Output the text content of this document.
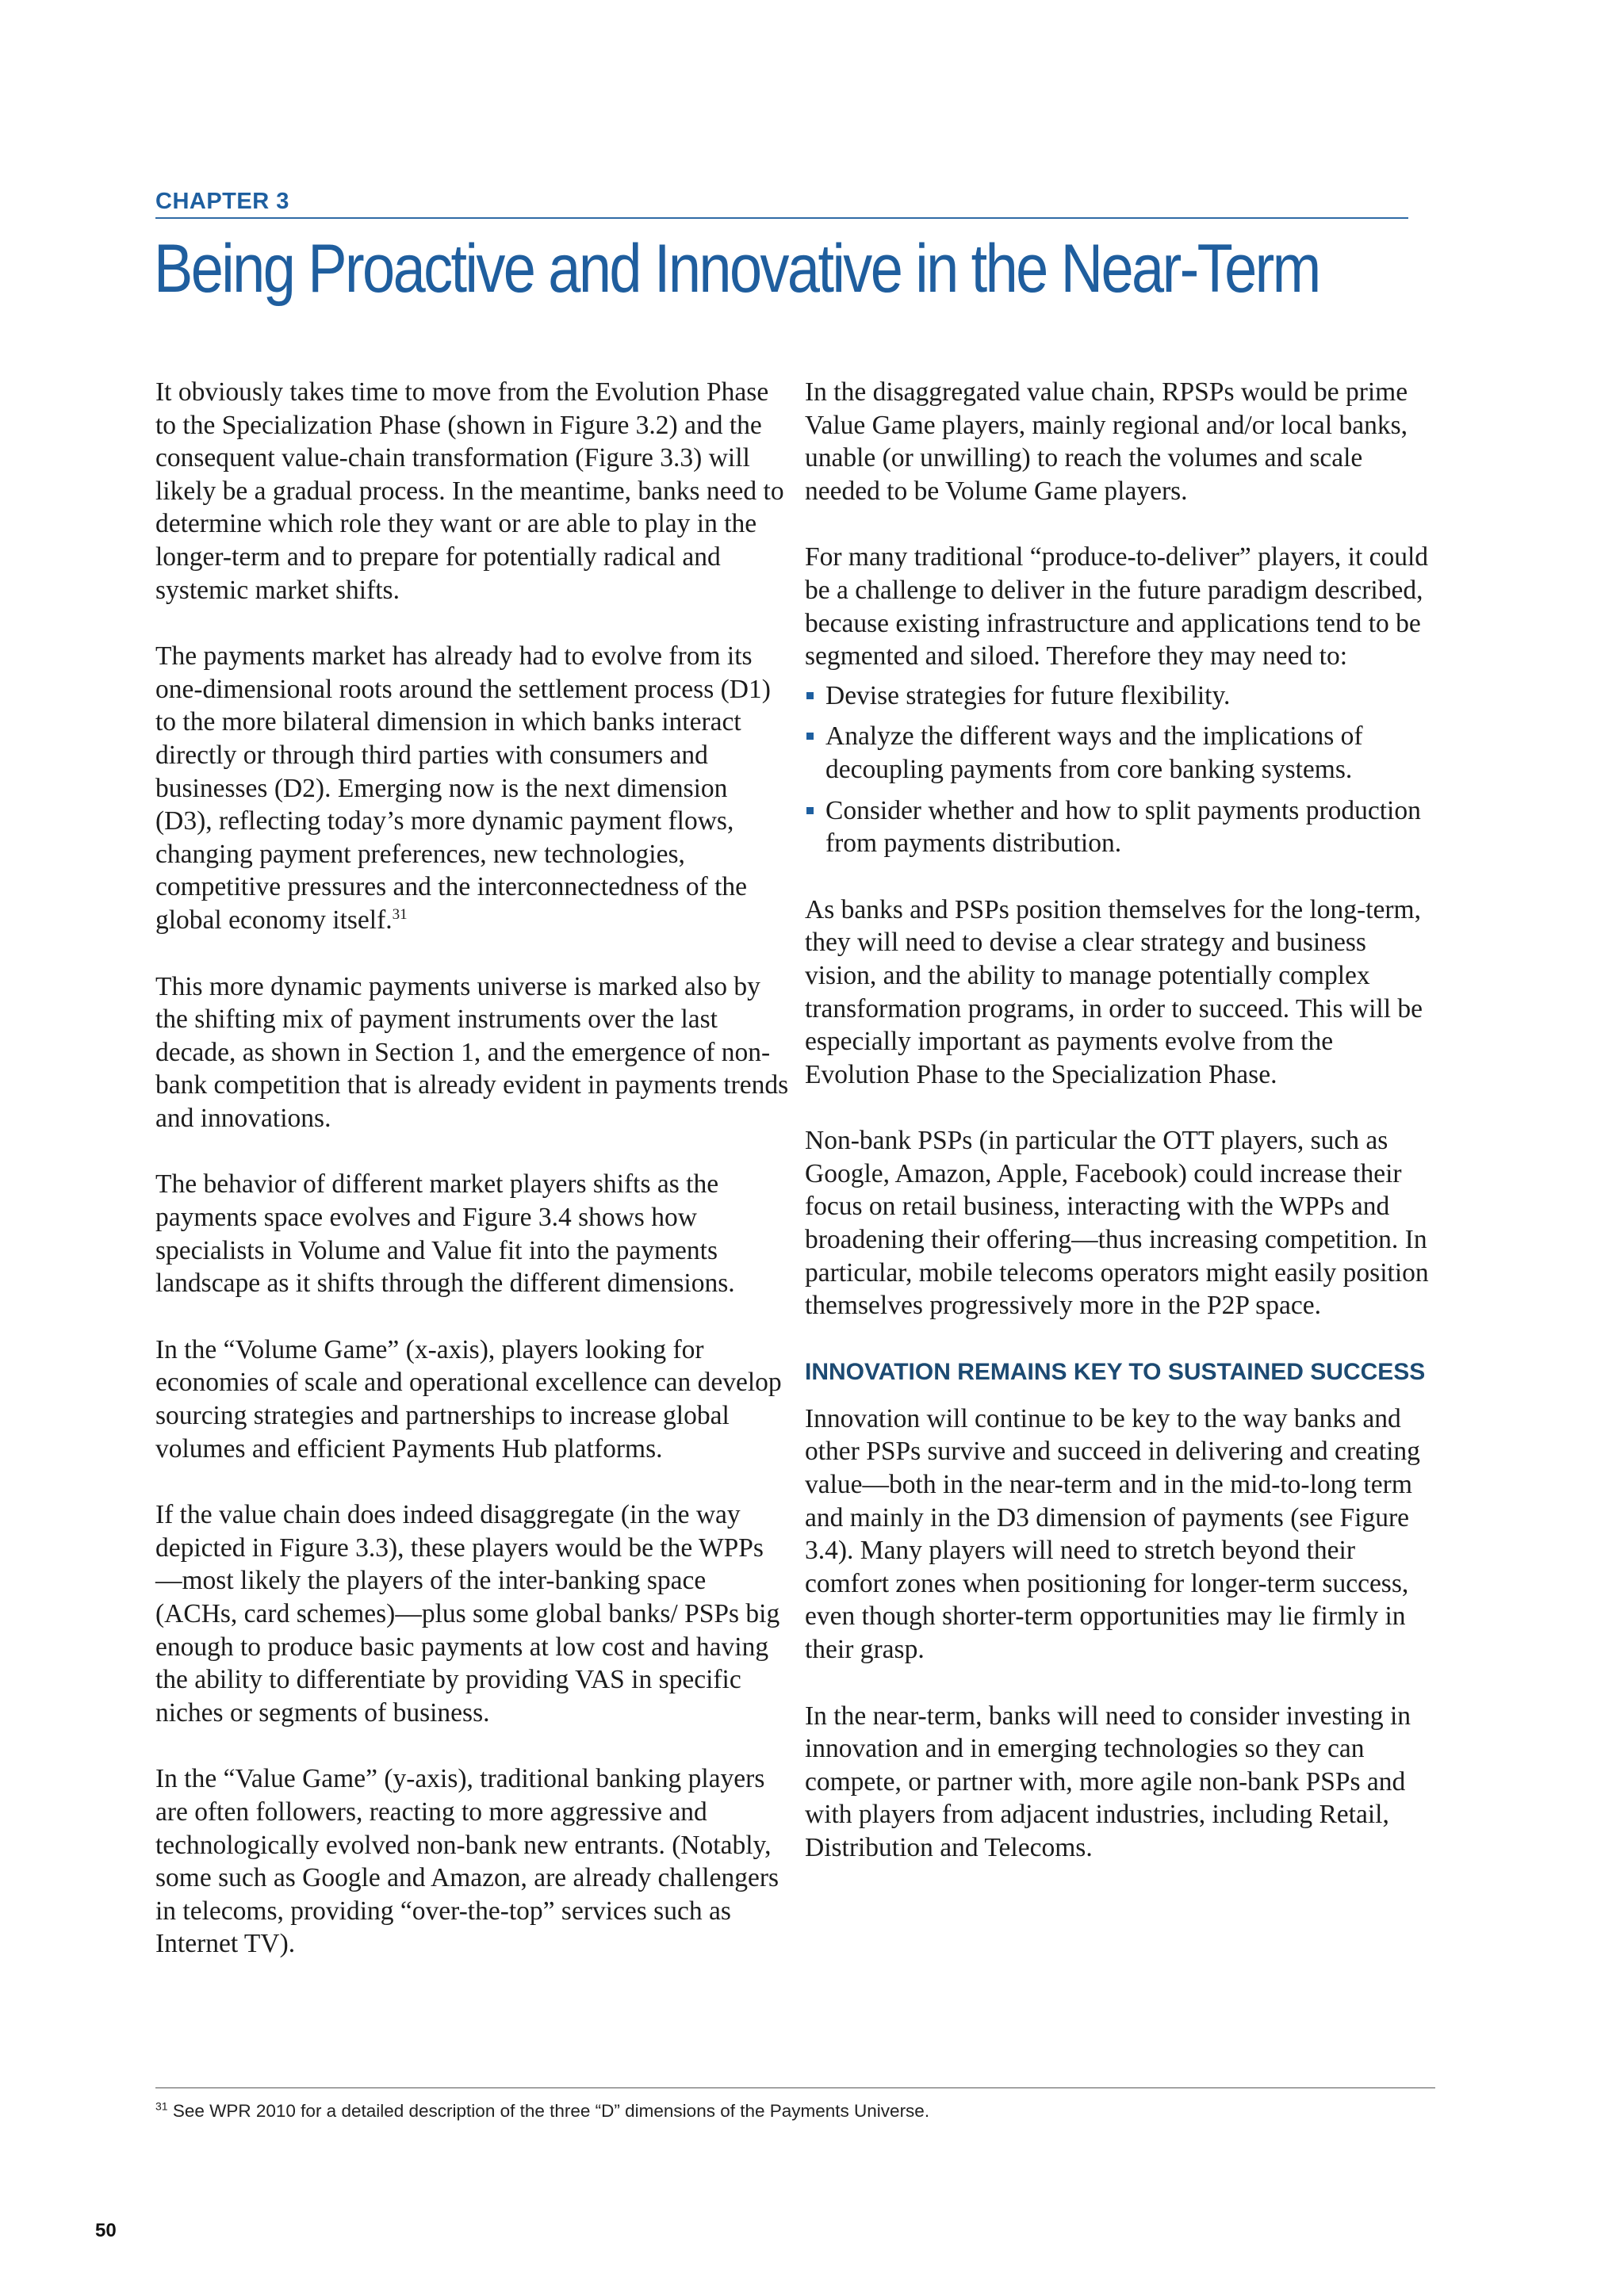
CHAPTER 3
Being Proactive and Innovative in the Near-Term

It obviously takes time to move from the Evolution Phase to the Specialization Phase (shown in Figure 3.2) and the consequent value-chain transformation (Figure 3.3) will likely be a gradual process. In the meantime, banks need to determine which role they want or are able to play in the longer-term and to prepare for potentially radical and systemic market shifts.

The payments market has already had to evolve from its one-dimensional roots around the settlement process (D1) to the more bilateral dimension in which banks interact directly or through third parties with consumers and businesses (D2). Emerging now is the next dimension (D3), reflecting today’s more dynamic payment flows, changing payment preferences, new technologies, competitive pressures and the interconnectedness of the global economy itself.$^{31}$

This more dynamic payments universe is marked also by the shifting mix of payment instruments over the last decade, as shown in Section 1, and the emergence of non-bank competition that is already evident in payments trends and innovations.

The behavior of different market players shifts as the payments space evolves and Figure 3.4 shows how specialists in Volume and Value fit into the payments landscape as it shifts through the different dimensions.

In the “Volume Game” (x-axis), players looking for economies of scale and operational excellence can develop sourcing strategies and partnerships to increase global volumes and efficient Payments Hub platforms.

If the value chain does indeed disaggregate (in the way depicted in Figure 3.3), these players would be the WPPs—most likely the players of the inter-banking space (ACHs, card schemes)—plus some global banks/ PSPs big enough to produce basic payments at low cost and having the ability to differentiate by providing VAS in specific niches or segments of business.

In the “Value Game” (y-axis), traditional banking players are often followers, reacting to more aggressive and technologically evolved non-bank new entrants. (Notably, some such as Google and Amazon, are already challengers in telecoms, providing “over-the-top” services such as Internet TV).

In the disaggregated value chain, RPSPs would be prime Value Game players, mainly regional and/or local banks, unable (or unwilling) to reach the volumes and scale needed to be Volume Game players.

For many traditional “produce-to-deliver” players, it could be a challenge to deliver in the future paradigm described, because existing infrastructure and applications tend to be segmented and siloed. Therefore they may need to:

Devise strategies for future flexibility.
Analyze the different ways and the implications of decoupling payments from core banking systems.
Consider whether and how to split payments production from payments distribution.

As banks and PSPs position themselves for the long-term, they will need to devise a clear strategy and business vision, and the ability to manage potentially complex transformation programs, in order to succeed. This will be especially important as payments evolve from the Evolution Phase to the Specialization Phase.

Non-bank PSPs (in particular the OTT players, such as Google, Amazon, Apple, Facebook) could increase their focus on retail business, interacting with the WPPs and broadening their offering—thus increasing competition. In particular, mobile telecoms operators might easily position themselves progressively more in the P2P space.

INNOVATION REMAINS KEY TO SUSTAINED SUCCESS

Innovation will continue to be key to the way banks and other PSPs survive and succeed in delivering and creating value—both in the near-term and in the mid-to-long term and mainly in the D3 dimension of payments (see Figure 3.4). Many players will need to stretch beyond their comfort zones when positioning for longer-term success, even though shorter-term opportunities may lie firmly in their grasp.

In the near-term, banks will need to consider investing in innovation and in emerging technologies so they can compete, or partner with, more agile non-bank PSPs and with players from adjacent industries, including Retail, Distribution and Telecoms.

$^{31}$ See WPR 2010 for a detailed description of the three “D” dimensions of the Payments Universe.
50
